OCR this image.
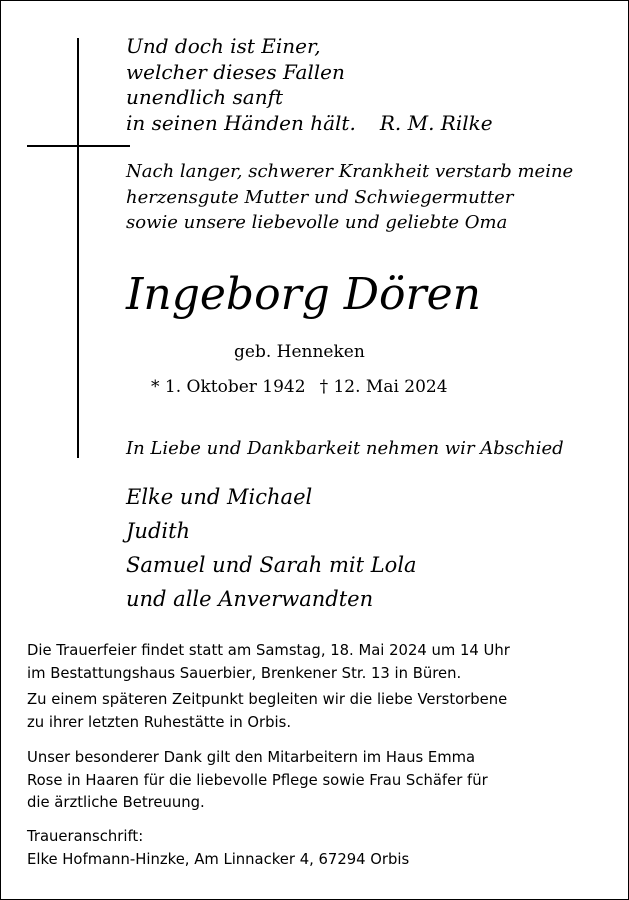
Und doch ist Einer,
welcher dieses Fallen
unendlich sanft
in seinen Händen hält. R. M. Rilke
Nach langer, schwerer Krankheit verstarb meine
herzensgute Mutter und Schwiegermutter
sowie unsere liebevolle und geliebte Oma
Ingeborg Dören
geb. Henneken
* 1. Oktober 1942 † 12. Mai 2024
In Liebe und Dankbarkeit nehmen wir Abschied
Elke und Michael
Judith
Samuel und Sarah mit Lola
und alle Anverwandten
Die Trauerfeier findet statt am Samstag, 18. Mai 2024 um 14 Uhr
im Bestattungshaus Sauerbier, Brenkener Str. 13 in Büren.
Zu einem späteren Zeitpunkt begleiten wir die liebe Verstorbene
zu ihrer letzten Ruhestätte in Orbis.
Unser besonderer Dank gilt den Mitarbeitern im Haus Emma
Rose in Haaren für die liebevolle Pflege sowie Frau Schäfer für
die ärztliche Betreuung.
Traueranschrift:
Elke Hofmann-Hinzke, Am Linnacker 4, 67294 Orbis
